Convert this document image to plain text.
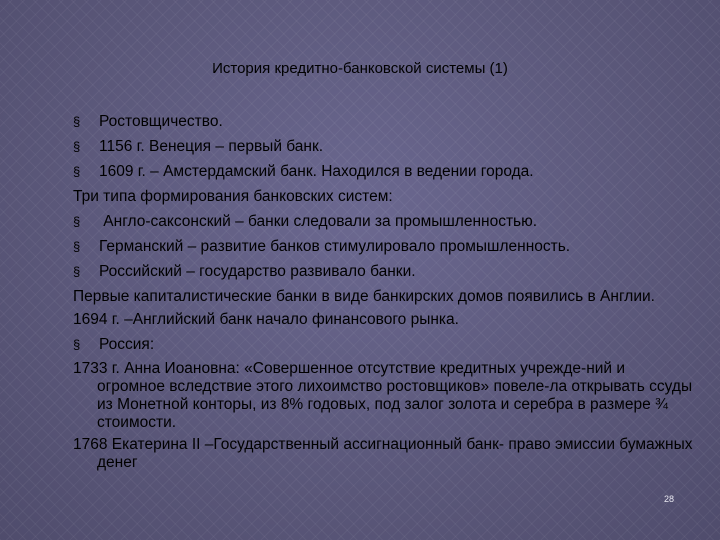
История кредитно-банковской системы (1)
§	Ростовщичество.
§	1156 г. Венеция – первый банк.
§	1609 г. – Амстердамский банк. Находился в ведении города.
Три типа формирования банковских систем:
§	Англо-саксонский – банки следовали за промышленностью.
§	Германский – развитие банков стимулировало промышленность.
§	Российский – государство развивало банки.
Первые капиталистические банки в виде банкирских домов появились в Англии.
1694 г. –Английский банк начало финансового рынка.
§	Россия:
1733 г. Анна Иоановна: «Совершенное отсутствие кредитных учрежде-ний и огромное вследствие этого лихоимство ростовщиков» повеле-ла открывать ссуды из Монетной конторы, из 8% годовых, под залог золота и серебра в размере ¾ стоимости.
1768 Екатерина II –Государственный ассигнационный банк- право эмиссии бумажных денег
28
